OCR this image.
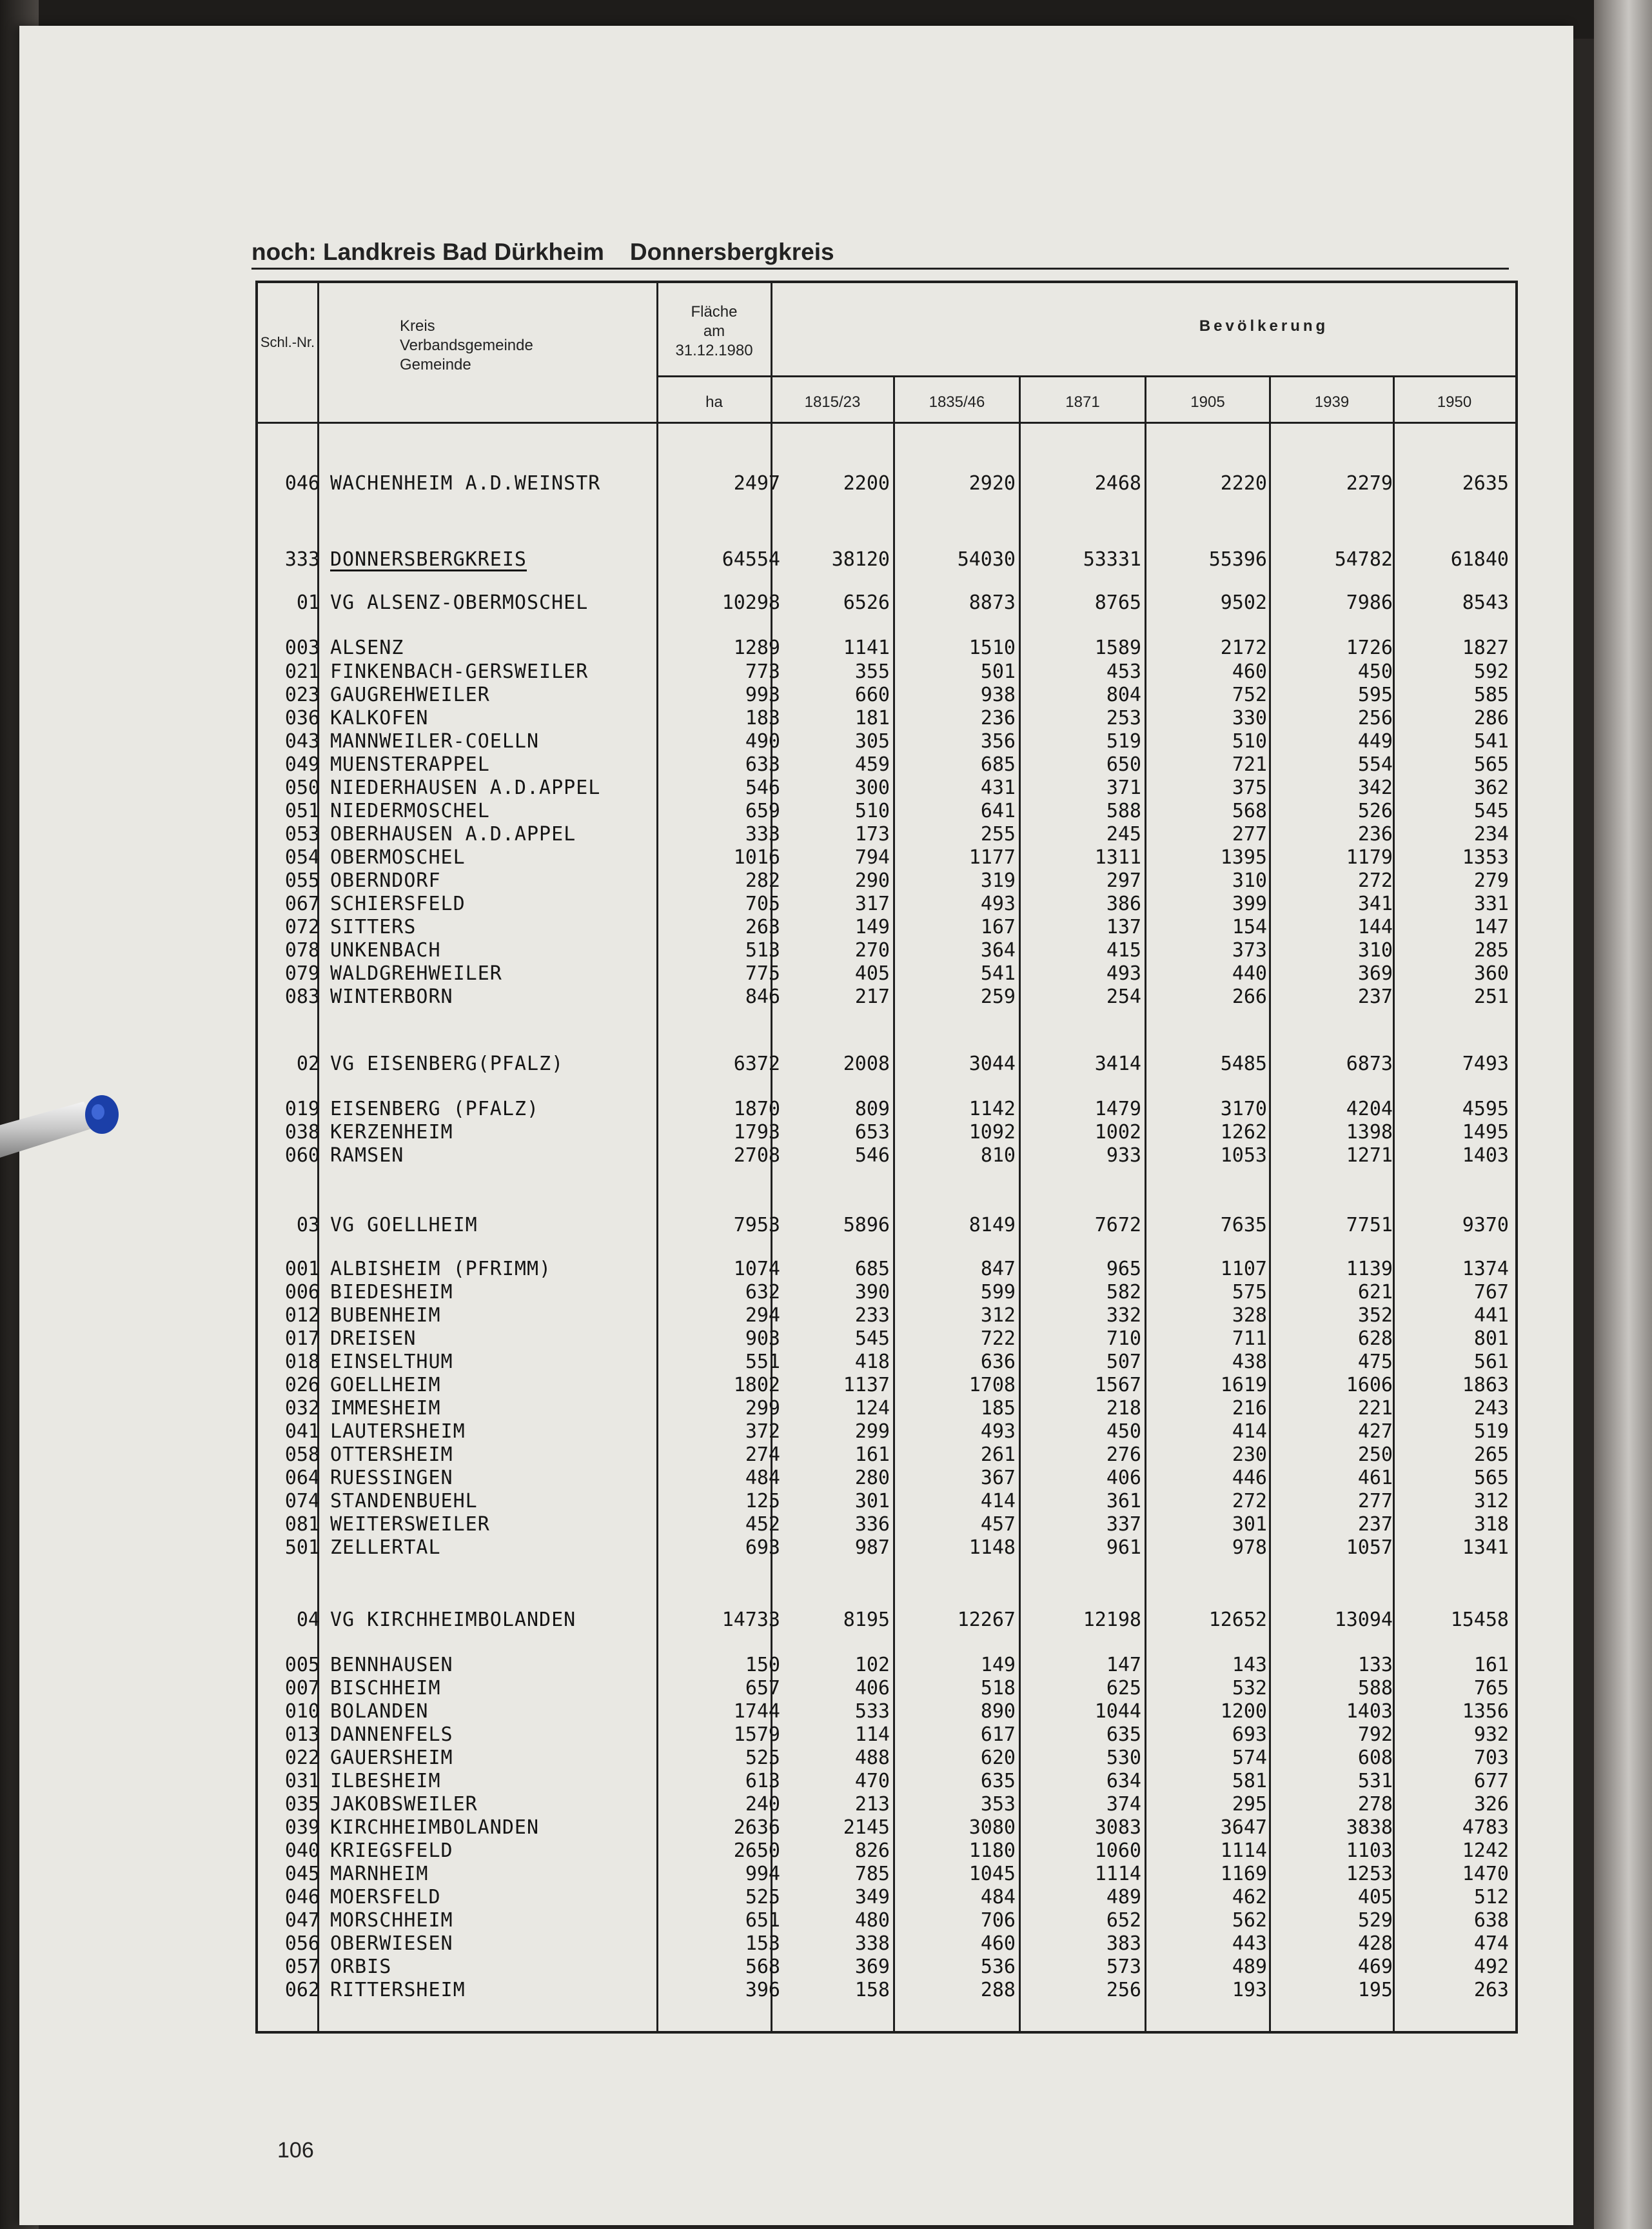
noch: Landkreis Bad Dürkheim Donnersbergkreis
Schl.-Nr.
Kreis
Verbandsgemeinde
Gemeinde
Fläche
am
31.12.1980
ha
Bevölkerung
1815/23	1835/46	1871	1905	1939	1950
046 WACHENHEIM A.D.WEINSTR	2497	2200	2920	2468	2220	2279	2635
333 DONNERSBERGKREIS	64554	38120	54030	53331	55396	54782	61840
01 VG ALSENZ-OBERMOSCHEL	10298	6526	8873	8765	9502	7986	8543
003 ALSENZ	1289	1141	1510	1589	2172	1726	1827
021 FINKENBACH-GERSWEILER	773	355	501	453	460	450	592
023 GAUGREHWEILER	993	660	938	804	752	595	585
036 KALKOFEN	183	181	236	253	330	256	286
043 MANNWEILER-COELLN	490	305	356	519	510	449	541
049 MUENSTERAPPEL	633	459	685	650	721	554	565
050 NIEDERHAUSEN A.D.APPEL	546	300	431	371	375	342	362
051 NIEDERMOSCHEL	659	510	641	588	568	526	545
053 OBERHAUSEN A.D.APPEL	333	173	255	245	277	236	234
054 OBERMOSCHEL	1016	794	1177	1311	1395	1179	1353
055 OBERNDORF	282	290	319	297	310	272	279
067 SCHIERSFELD	705	317	493	386	399	341	331
072 SITTERS	263	149	167	137	154	144	147
078 UNKENBACH	513	270	364	415	373	310	285
079 WALDGREHWEILER	775	405	541	493	440	369	360
083 WINTERBORN	846	217	259	254	266	237	251
02 VG EISENBERG(PFALZ)	6372	2008	3044	3414	5485	6873	7493
019 EISENBERG (PFALZ)	1870	809	1142	1479	3170	4204	4595
038 KERZENHEIM	1793	653	1092	1002	1262	1398	1495
060 RAMSEN	2708	546	810	933	1053	1271	1403
03 VG GOELLHEIM	7953	5896	8149	7672	7635	7751	9370
001 ALBISHEIM (PFRIMM)	1074	685	847	965	1107	1139	1374
006 BIEDESHEIM	632	390	599	582	575	621	767
012 BUBENHEIM	294	233	312	332	328	352	441
017 DREISEN	903	545	722	710	711	628	801
018 EINSELTHUM	551	418	636	507	438	475	561
026 GOELLHEIM	1802	1137	1708	1567	1619	1606	1863
032 IMMESHEIM	299	124	185	218	216	221	243
041 LAUTERSHEIM	372	299	493	450	414	427	519
058 OTTERSHEIM	274	161	261	276	230	250	265
064 RUESSINGEN	484	280	367	406	446	461	565
074 STANDENBUEHL	125	301	414	361	272	277	312
081 WEITERSWEILER	452	336	457	337	301	237	318
501 ZELLERTAL	693	987	1148	961	978	1057	1341
04 VG KIRCHHEIMBOLANDEN	14733	8195	12267	12198	12652	13094	15458
005 BENNHAUSEN	150	102	149	147	143	133	161
007 BISCHHEIM	657	406	518	625	532	588	765
010 BOLANDEN	1744	533	890	1044	1200	1403	1356
013 DANNENFELS	1579	114	617	635	693	792	932
022 GAUERSHEIM	525	488	620	530	574	608	703
031 ILBESHEIM	613	470	635	634	581	531	677
035 JAKOBSWEILER	240	213	353	374	295	278	326
039 KIRCHHEIMBOLANDEN	2636	2145	3080	3083	3647	3838	4783
040 KRIEGSFELD	2650	826	1180	1060	1114	1103	1242
045 MARNHEIM	994	785	1045	1114	1169	1253	1470
046 MOERSFELD	525	349	484	489	462	405	512
047 MORSCHHEIM	651	480	706	652	562	529	638
056 OBERWIESEN	153	338	460	383	443	428	474
057 ORBIS	568	369	536	573	489	469	492
062 RITTERSHEIM	396	158	288	256	193	195	263
106
